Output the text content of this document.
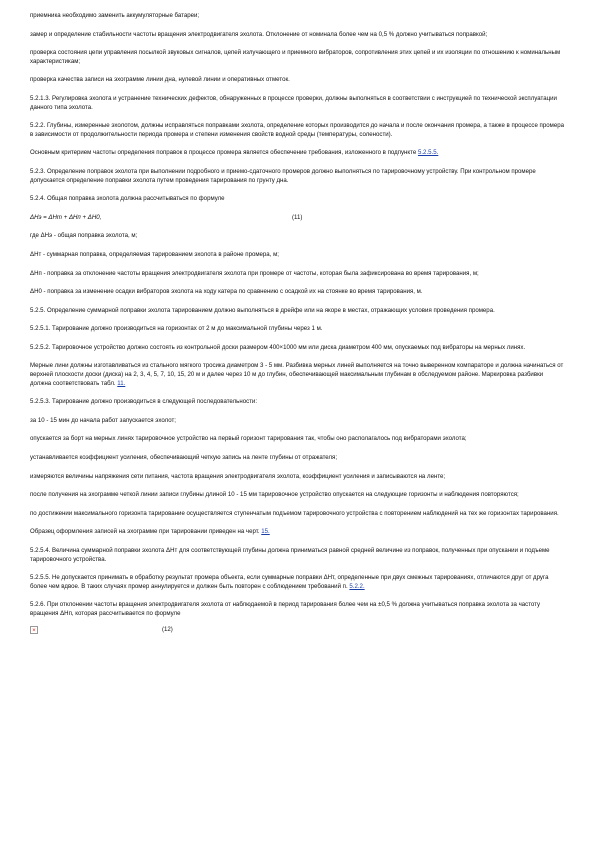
приемника необходимо заменить аккумуляторные батареи;

замер и определение стабильности частоты вращения электродвигателя эхолота. Отклонение от номинала более чем на 0,5 % должно учитываться поправкой;

проверка состояния цепи управления посылкой звуковых сигналов, цепей излучающего и приемного вибраторов, сопротивления этих цепей и их изоляции по отношению к номинальным характеристикам;

проверка качества записи на эхограмме линии дна, нулевой линии и оперативных отметок.

5.2.1.3. Регулировка эхолота и устранение технических дефектов, обнаруженных в процессе проверки, должны выполняться в соответствии с инструкцией по технической эксплуатации данного типа эхолота.

5.2.2. Глубины, измеренные эхолотом, должны исправляться поправками эхолота, определение которых производится до начала и после окончания промера, а также в процессе промера в зависимости от продолжительности периода промера и степени изменения свойств водной среды (температуры, солености).

Основным критерием частоты определения поправок в процессе промера является обеспечение требования, изложенного в подпункте 5.2.5.5.

5.2.3. Определение поправок эхолота при выполнении подробного и приемо-сдаточного промеров должно выполняться по тарировочному устройству. При контрольном промере допускается определение поправки эхолота путем проведения тарирования по грунту дна.

5.2.4. Общая поправка эхолота должна рассчитываться по формуле

ΔHэ = ΔHт + ΔHп + ΔH0,	(11)

где ΔHэ - общая поправка эхолота, м;

ΔHт - суммарная поправка, определяемая тарированием эхолота в районе промера, м;

ΔHп - поправка за отклонение частоты вращения электродвигателя эхолота при промере от частоты, которая была зафиксирована во время тарирования, м;

ΔH0 - поправка за изменение осадки вибраторов эхолота на ходу катера по сравнению с осадкой их на стоянке во время тарирования, м.

5.2.5. Определение суммарной поправки эхолота тарированием должно выполняться в дрейфе или на якоре в местах, отражающих условия проведения промера.

5.2.5.1. Тарирование должно производиться на горизонтах от 2 м до максимальной глубины через 1 м.

5.2.5.2. Тарировочное устройство должно состоять из контрольной доски размером 400×1000 мм или диска диаметром 400 мм, опускаемых под вибраторы на мерных линях.

Мерные лини должны изготавливаться из стального мягкого тросика диаметром 3 - 5 мм. Разбивка мерных линей выполняется на точно выверенном компараторе и должна начинаться от верхней плоскости доски (диска) на 2, 3, 4, 5, 7, 10, 15, 20 м и далее через 10 м до глубин, обеспечивающей максимальным глубинам в обследуемом районе. Маркировка разбивки должна соответствовать табл. 11.

5.2.5.3. Тарирование должно производиться в следующей последовательности:

за 10 - 15 мин до начала работ запускается эхолот;

опускается за борт на мерных линях тарировочное устройство на первый горизонт тарирования так, чтобы оно располагалось под вибраторами эхолота;

устанавливается коэффициент усиления, обеспечивающий четкую запись на ленте глубины от отражателя;

измеряются величины напряжения сети питания, частота вращения электродвигателя эхолота, коэффициент усиления и записываются на ленте;

после получения на эхограмме четкой линии записи глубины длиной 10 - 15 мм тарировочное устройство опускается на следующие горизонты и наблюдения повторяются;

по достижении максимального горизонта тарирование осуществляется ступенчатым подъемом тарировочного устройства с повторением наблюдений на тех же горизонтах тарирования.

Образец оформления записей на эхограмме при тарировании приведен на черт. 15.

5.2.5.4. Величина суммарной поправки эхолота ΔHт для соответствующей глубины должна приниматься равной средней величине из поправок, полученных при опускании и подъеме тарировочного устройства.

5.2.5.5. Не допускается принимать в обработку результат промера объекта, если суммарные поправки ΔHт, определенные при двух смежных тарированиях, отличаются друг от друга более чем вдвое. В таких случаях промер аннулируется и должен быть повторен с соблюдением требований п. 5.2.2.

5.2.6. При отклонении частоты вращения электродвигателя эхолота от наблюдаемой в период тарирования более чем на ±0,5 % должна учитываться поправка эхолота за частоту вращения ΔHп, которая рассчитывается по формуле

×	(12)
